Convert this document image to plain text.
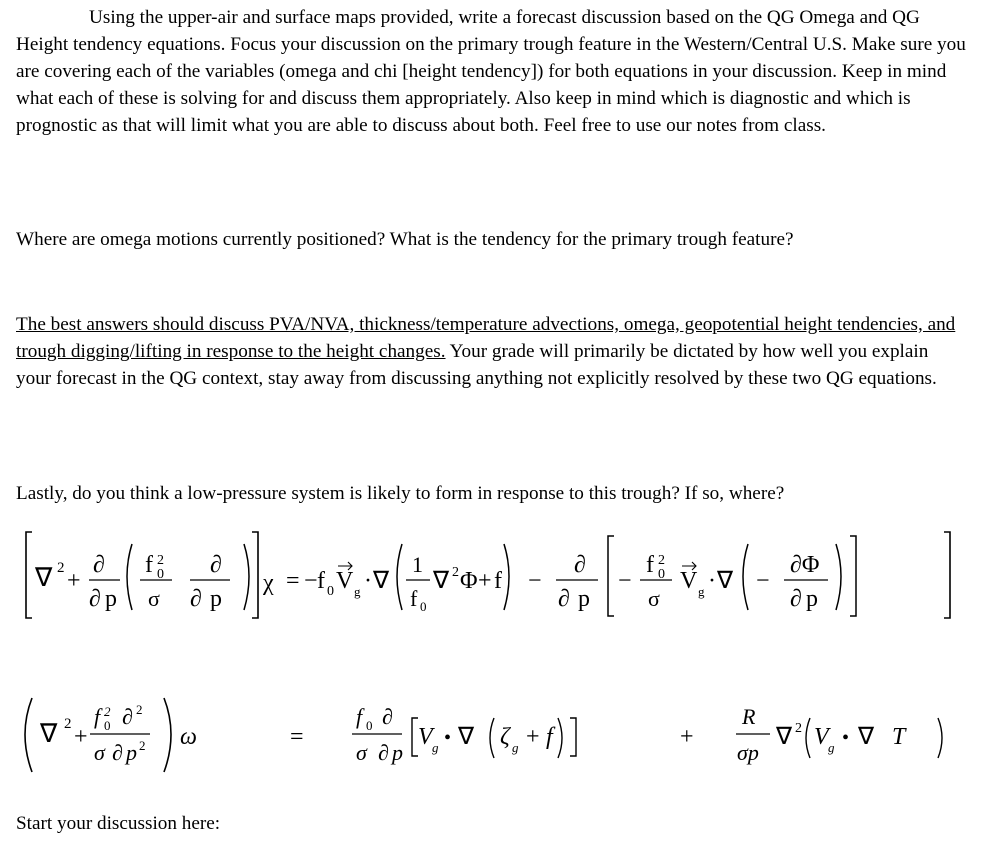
Using the upper-air and surface maps provided, write a forecast discussion based on the QG Omega and QG Height tendency equations. Focus your discussion on the primary trough feature in the Western/Central U.S. Make sure you are covering each of the variables (omega and chi [height tendency]) for both equations in your discussion. Keep in mind what each of these is solving for and discuss them appropriately. Also keep in mind which is diagnostic and which is prognostic as that will limit what you are able to discuss about both. Feel free to use our notes from class.

Where are omega motions currently positioned? What is the tendency for the primary trough feature?

The best answers should discuss PVA/NVA, thickness/temperature advections, omega, geopotential height tendencies, and trough digging/lifting in response to the height changes. Your grade will primarily be dictated by how well you explain your forecast in the QG context, stay away from discussing anything not explicitly resolved by these two QG equations.

Lastly, do you think a low-pressure system is likely to form in response to this trough? If so, where?

∇ 2 +
∂
∂ p
f 2
0
σ
∂
∂ p
χ = − f 0 V g · ∇
1
f 0
∇ 2 Φ + f −
∂
∂ p
−
f 2
0
σ
V g · ∇ −
∂Φ
∂ p
∇ 2 +
f 2
0 ∂ 2
σ ∂ p 2 ω	=
f 0 ∂
σ ∂ p
V g • ∇ ζ g + f	+
R
σp
∇ 2 V g • ∇ T

Start your discussion here:
